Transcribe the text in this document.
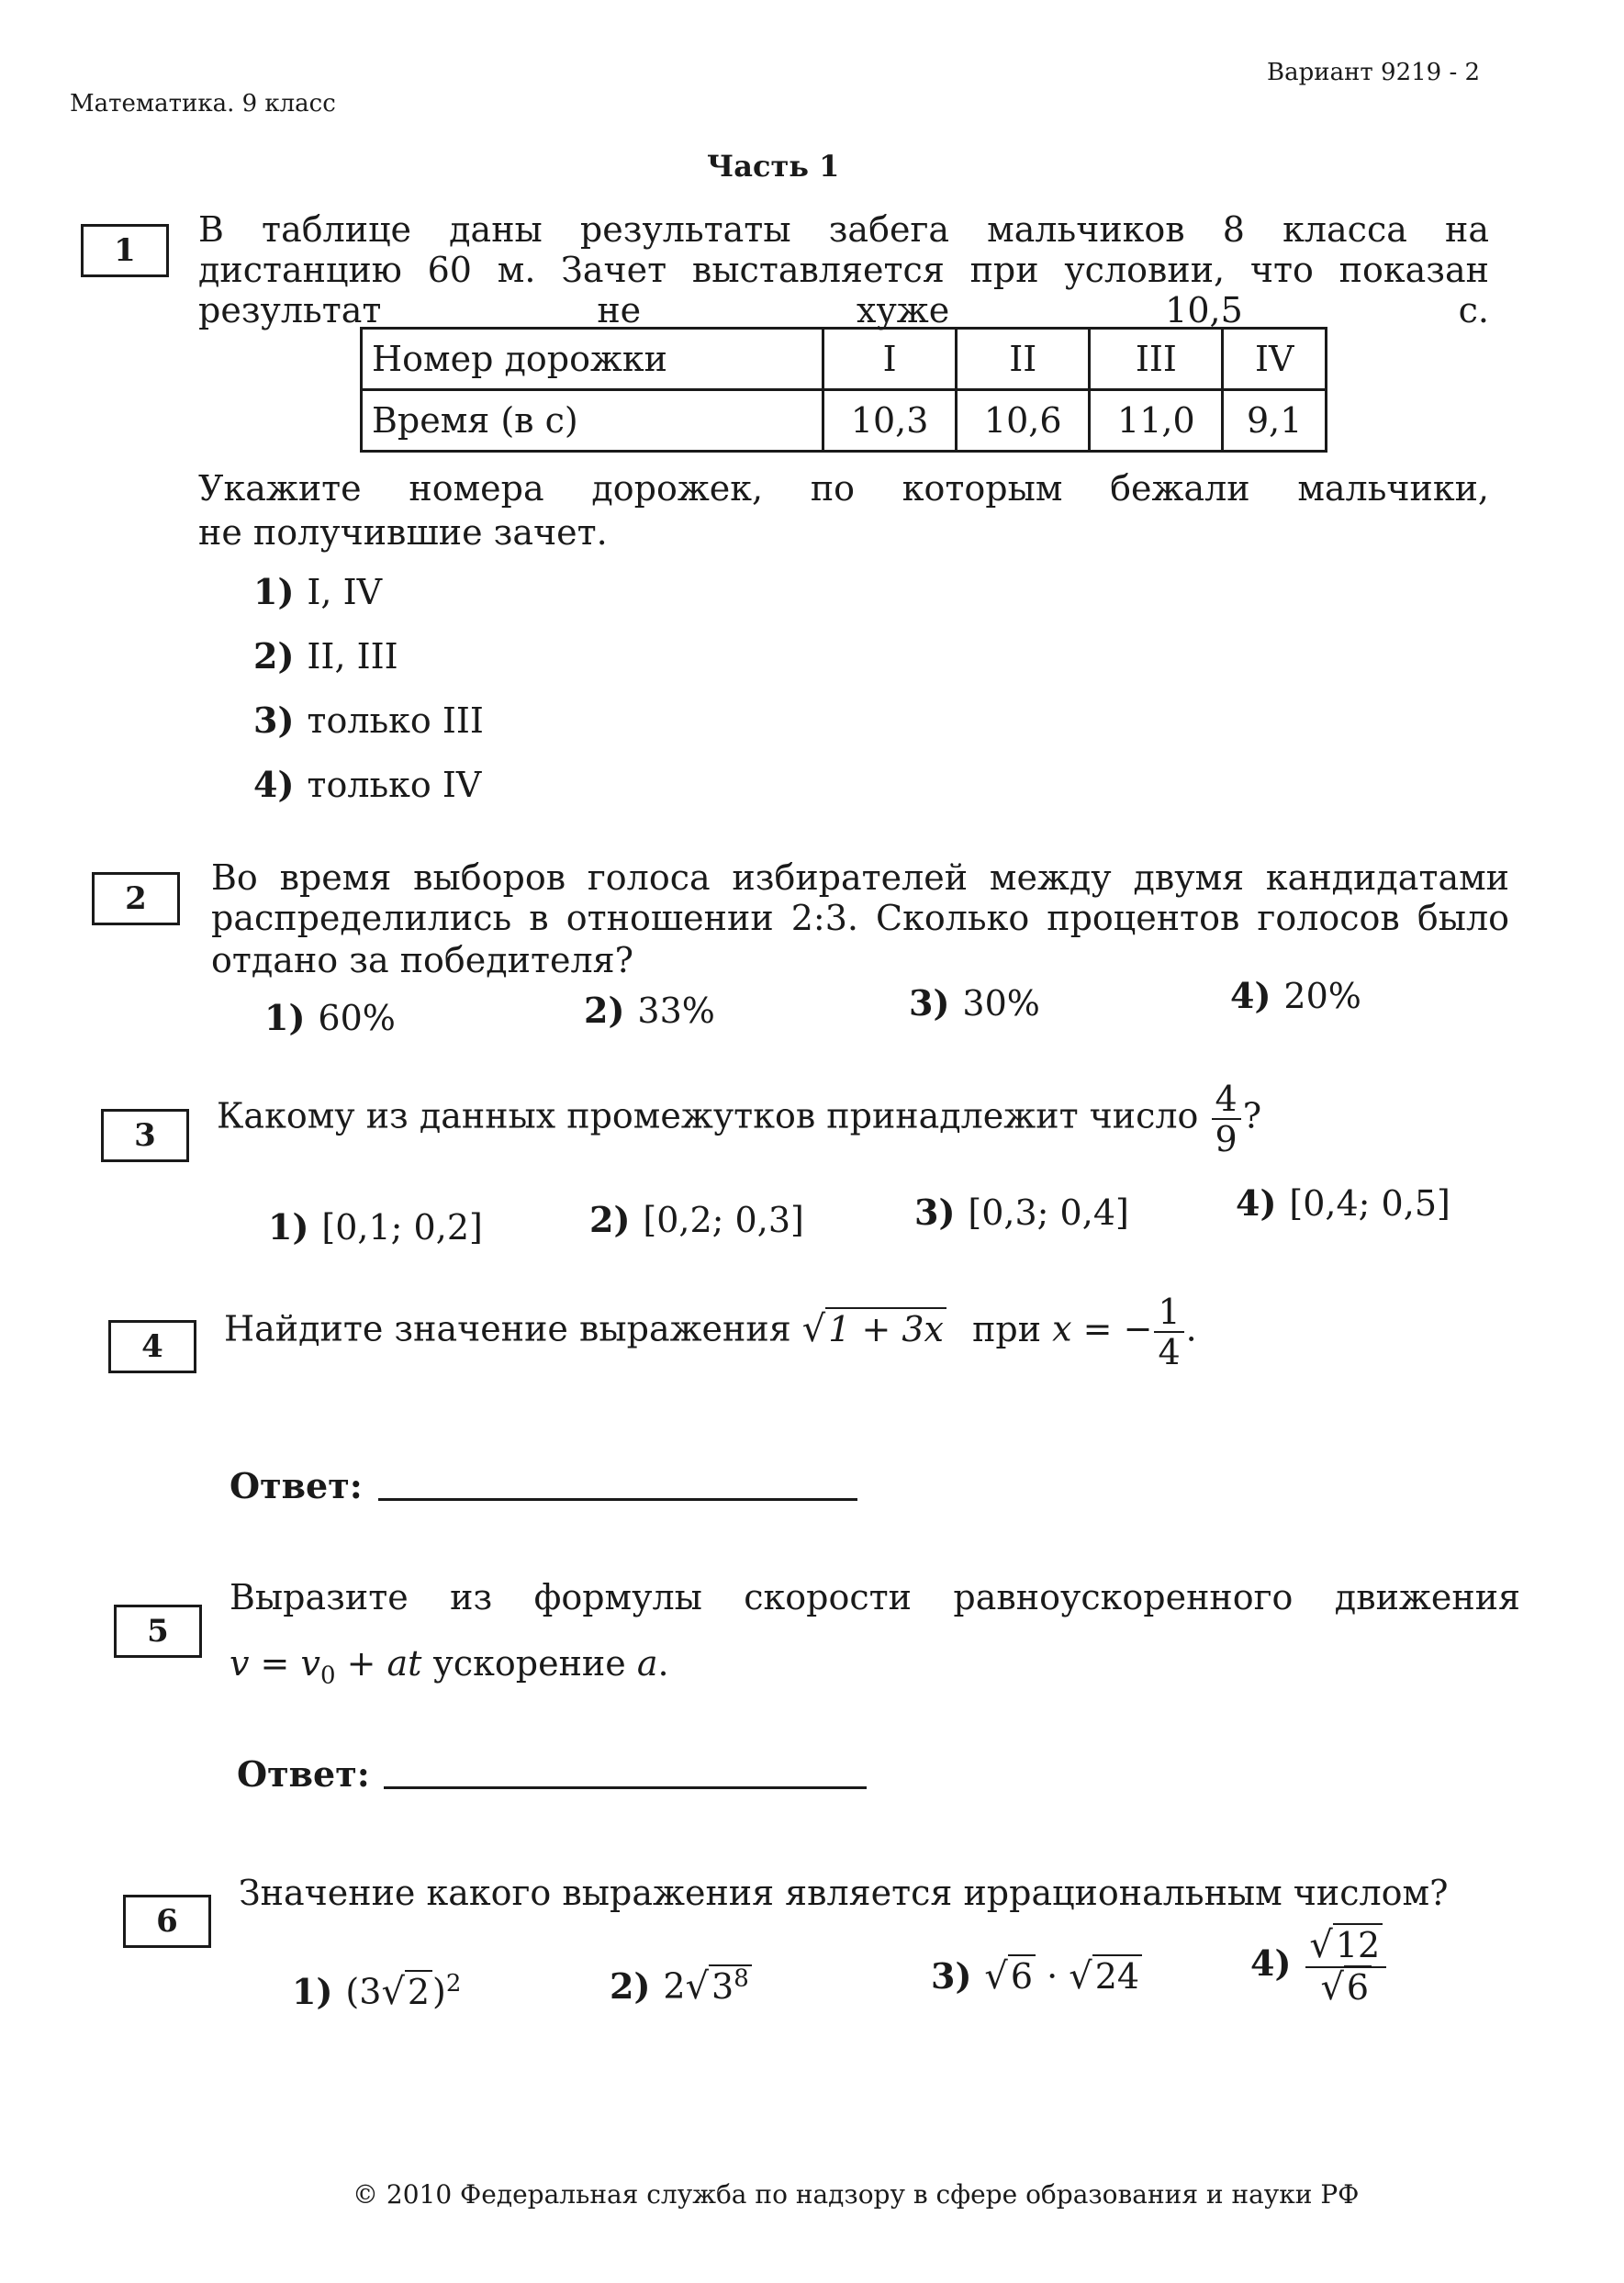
Математика. 9 класс
Вариант 9219 - 2
Часть 1
1
В таблице даны результаты забега мальчиков 8 класса на дистанцию 60 м. Зачет выставляется при условии, что показан результат не хуже 10,5 с.
Номер дорожки	I	II	III	IV
Время (в c)	10,3	10,6	11,0	9,1
Укажите номера дорожек, по которым бежали мальчики,
не получившие зачет.
1) I, IV
2) II, III
3) только III
4) только IV
2
Во время выборов голоса избирателей между двумя кандидатами распределились в отношении 2:3. Сколько процентов голосов было
отдано за победителя?
1) 60%	2) 33%	3) 30%	4) 20%
3	Какому из данных промежутков принадлежит число $\frac{4}{9}$ ?
1) [0,1; 0,2]	2) [0,2; 0,3]	3) [0,3; 0,4]	4) [0,4; 0,5]
4	Найдите значение выражения √1 + 3x при x = − $\frac{1}{4}$ .
Ответ:
5
Выразите из формулы скорости равноускоренного движения
$v = v_0$ + at ускорение a.
Ответ:
6
Значение какого выражения является иррациональным числом?
1) $(3√2)^2$	2) $2√3^8$	3) √6 · √24	$4) \frac{√12}{√6}$
© 2010 Федеральная служба по надзору в сфере образования и науки РФ
